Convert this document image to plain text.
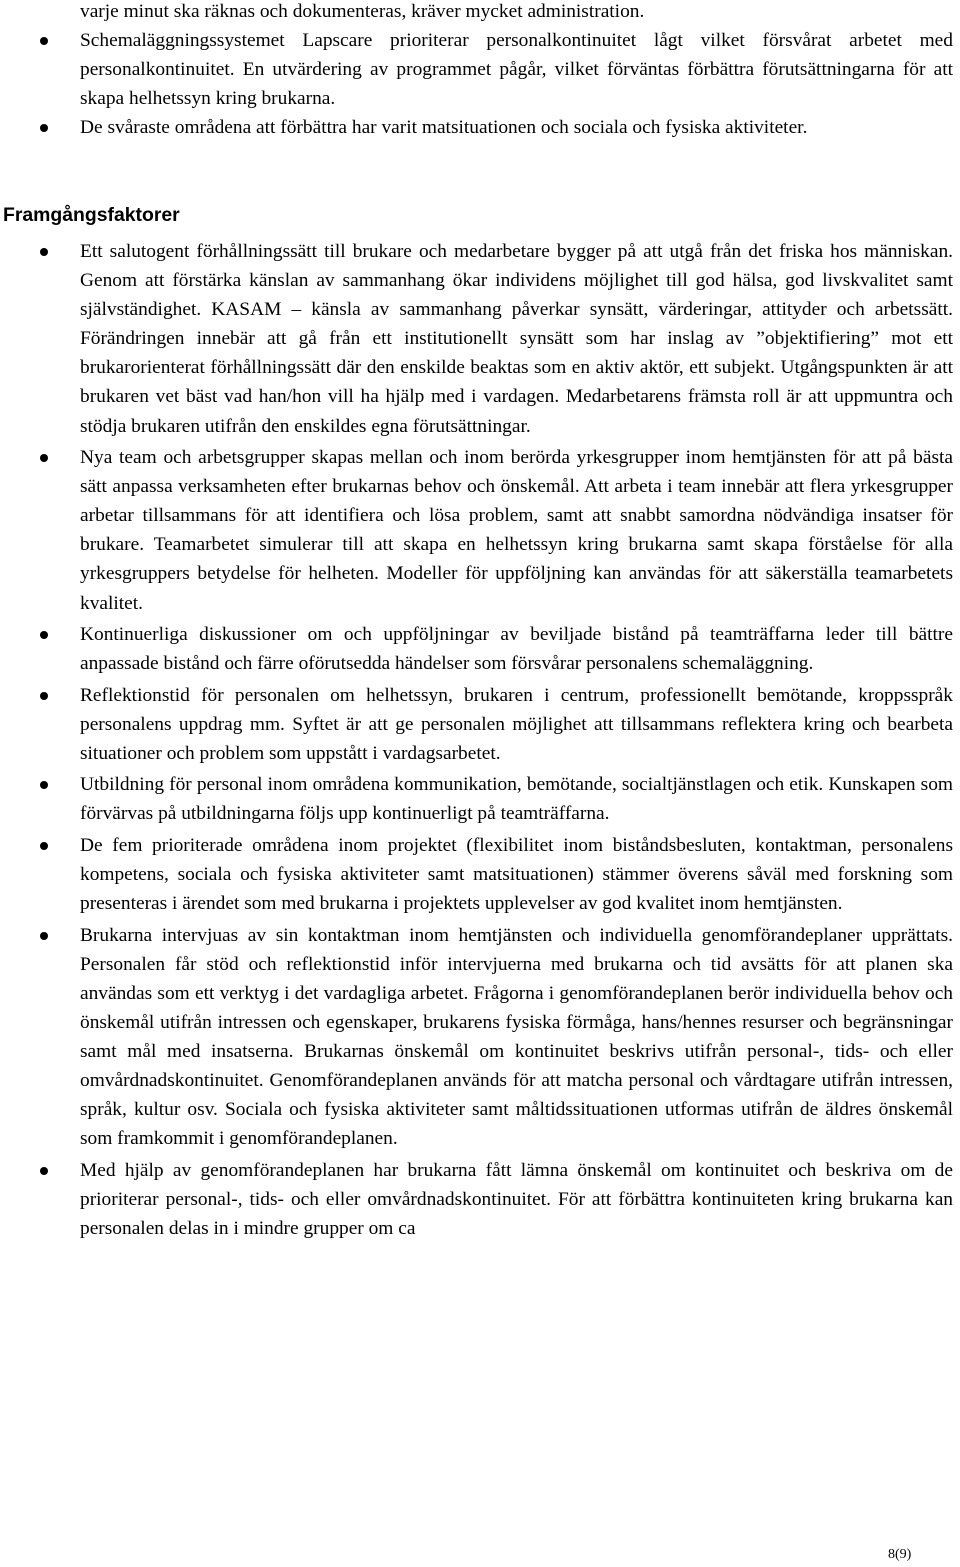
varje minut ska räknas och dokumenteras, kräver mycket administration.

Schemaläggningssystemet Lapscare prioriterar personalkontinuitet lågt vilket försvårat arbetet med personalkontinuitet. En utvärdering av programmet pågår, vilket förväntas förbättra förutsättningarna för att skapa helhetssyn kring brukarna.
De svåraste områdena att förbättra har varit matsituationen och sociala och fysiska aktiviteter.
Framgångsfaktorer
Ett salutogent förhållningssätt till brukare och medarbetare bygger på att utgå från det friska hos människan. Genom att förstärka känslan av sammanhang ökar individens möjlighet till god hälsa, god livskvalitet samt självständighet. KASAM – känsla av sammanhang påverkar synsätt, värderingar, attityder och arbetssätt. Förändringen innebär att gå från ett institutionellt synsätt som har inslag av ”objektifiering” mot ett brukarorienterat förhållningssätt där den enskilde beaktas som en aktiv aktör, ett subjekt. Utgångspunkten är att brukaren vet bäst vad han/hon vill ha hjälp med i vardagen. Medarbetarens främsta roll är att uppmuntra och stödja brukaren utifrån den enskildes egna förutsättningar.
Nya team och arbetsgrupper skapas mellan och inom berörda yrkesgrupper inom hemtjänsten för att på bästa sätt anpassa verksamheten efter brukarnas behov och önskemål. Att arbeta i team innebär att flera yrkesgrupper arbetar tillsammans för att identifiera och lösa problem, samt att snabbt samordna nödvändiga insatser för brukare. Teamarbetet simulerar till att skapa en helhetssyn kring brukarna samt skapa förståelse för alla yrkesgruppers betydelse för helheten. Modeller för uppföljning kan användas för att säkerställa teamarbetets kvalitet.
Kontinuerliga diskussioner om och uppföljningar av beviljade bistånd på teamträffarna leder till bättre anpassade bistånd och färre oförutsedda händelser som försvårar personalens schemaläggning.
Reflektionstid för personalen om helhetssyn, brukaren i centrum, professionellt bemötande, kroppsspråk personalens uppdrag mm. Syftet är att ge personalen möjlighet att tillsammans reflektera kring och bearbeta situationer och problem som uppstått i vardagsarbetet.
Utbildning för personal inom områdena kommunikation, bemötande, socialtjänstlagen och etik. Kunskapen som förvärvas på utbildningarna följs upp kontinuerligt på teamträffarna.
De fem prioriterade områdena inom projektet (flexibilitet inom biståndsbesluten, kontaktman, personalens kompetens, sociala och fysiska aktiviteter samt matsituationen) stämmer överens såväl med forskning som presenteras i ärendet som med brukarna i projektets upplevelser av god kvalitet inom hemtjänsten.
Brukarna intervjuas av sin kontaktman inom hemtjänsten och individuella genomförandeplaner upprättats. Personalen får stöd och reflektionstid inför intervjuerna med brukarna och tid avsätts för att planen ska användas som ett verktyg i det vardagliga arbetet. Frågorna i genomförandeplanen berör individuella behov och önskemål utifrån intressen och egenskaper, brukarens fysiska förmåga, hans/hennes resurser och begränsningar samt mål med insatserna. Brukarnas önskemål om kontinuitet beskrivs utifrån personal-, tids- och eller omvårdnadskontinuitet. Genomförandeplanen används för att matcha personal och vårdtagare utifrån intressen, språk, kultur osv. Sociala och fysiska aktiviteter samt måltidssituationen utformas utifrån de äldres önskemål som framkommit i genomförandeplanen.
Med hjälp av genomförandeplanen har brukarna fått lämna önskemål om kontinuitet och beskriva om de prioriterar personal-, tids- och eller omvårdnadskontinuitet. För att förbättra kontinuiteten kring brukarna kan personalen delas in i mindre grupper om ca
8(9)
